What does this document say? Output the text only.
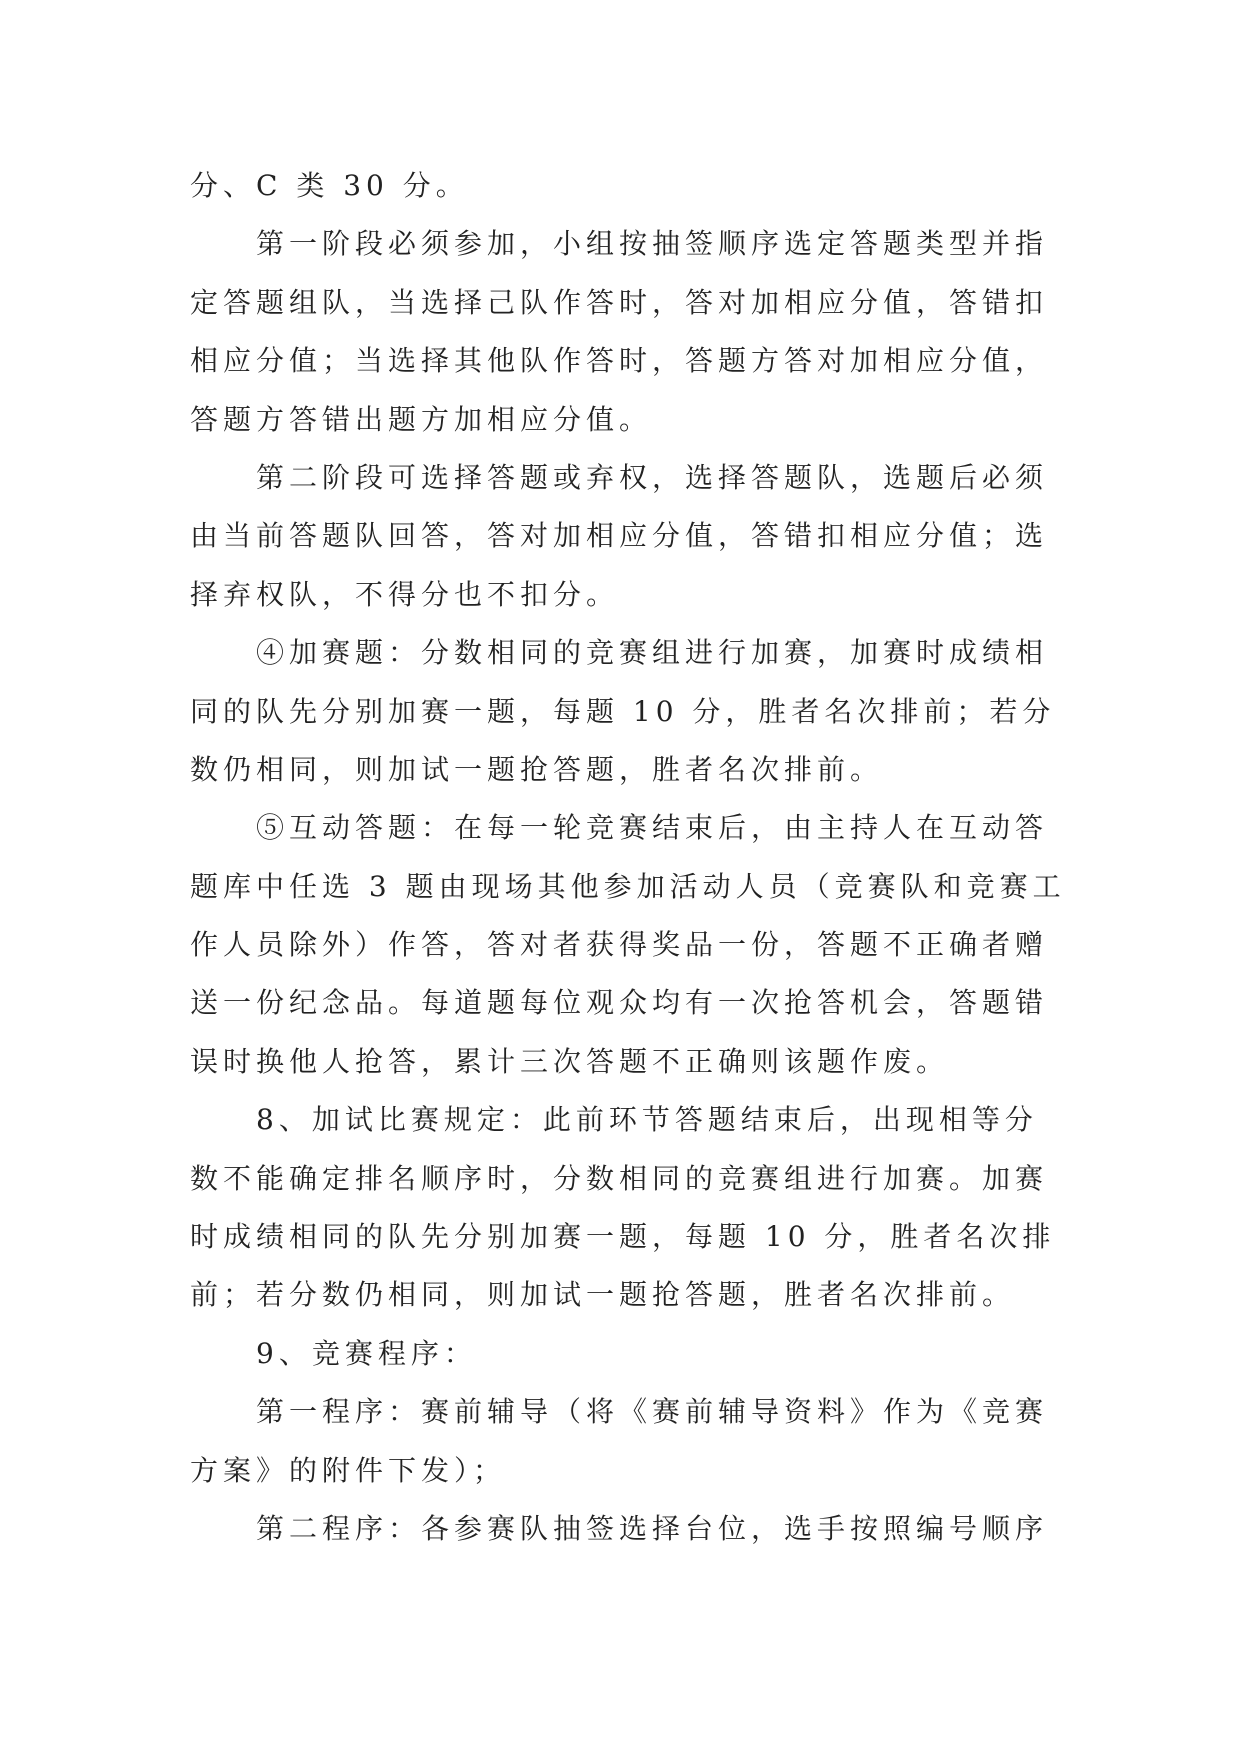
分、C 类 30 分。
第一阶段必须参加，小组按抽签顺序选定答题类型并指
定答题组队，当选择己队作答时，答对加相应分值，答错扣
相应分值；当选择其他队作答时，答题方答对加相应分值，
答题方答错出题方加相应分值。
第二阶段可选择答题或弃权，选择答题队，选题后必须
由当前答题队回答，答对加相应分值，答错扣相应分值；选
择弃权队，不得分也不扣分。
④加赛题：分数相同的竞赛组进行加赛，加赛时成绩相
同的队先分别加赛一题，每题 10 分，胜者名次排前；若分
数仍相同，则加试一题抢答题，胜者名次排前。
⑤互动答题：在每一轮竞赛结束后，由主持人在互动答
题库中任选 3 题由现场其他参加活动人员（竞赛队和竞赛工
作人员除外）作答，答对者获得奖品一份，答题不正确者赠
送一份纪念品。每道题每位观众均有一次抢答机会，答题错
误时换他人抢答，累计三次答题不正确则该题作废。
8、加试比赛规定：此前环节答题结束后，出现相等分
数不能确定排名顺序时，分数相同的竞赛组进行加赛。加赛
时成绩相同的队先分别加赛一题，每题 10 分，胜者名次排
前；若分数仍相同，则加试一题抢答题，胜者名次排前。
9、竞赛程序：
第一程序：赛前辅导（将《赛前辅导资料》作为《竞赛
方案》的附件下发）；
第二程序：各参赛队抽签选择台位，选手按照编号顺序
